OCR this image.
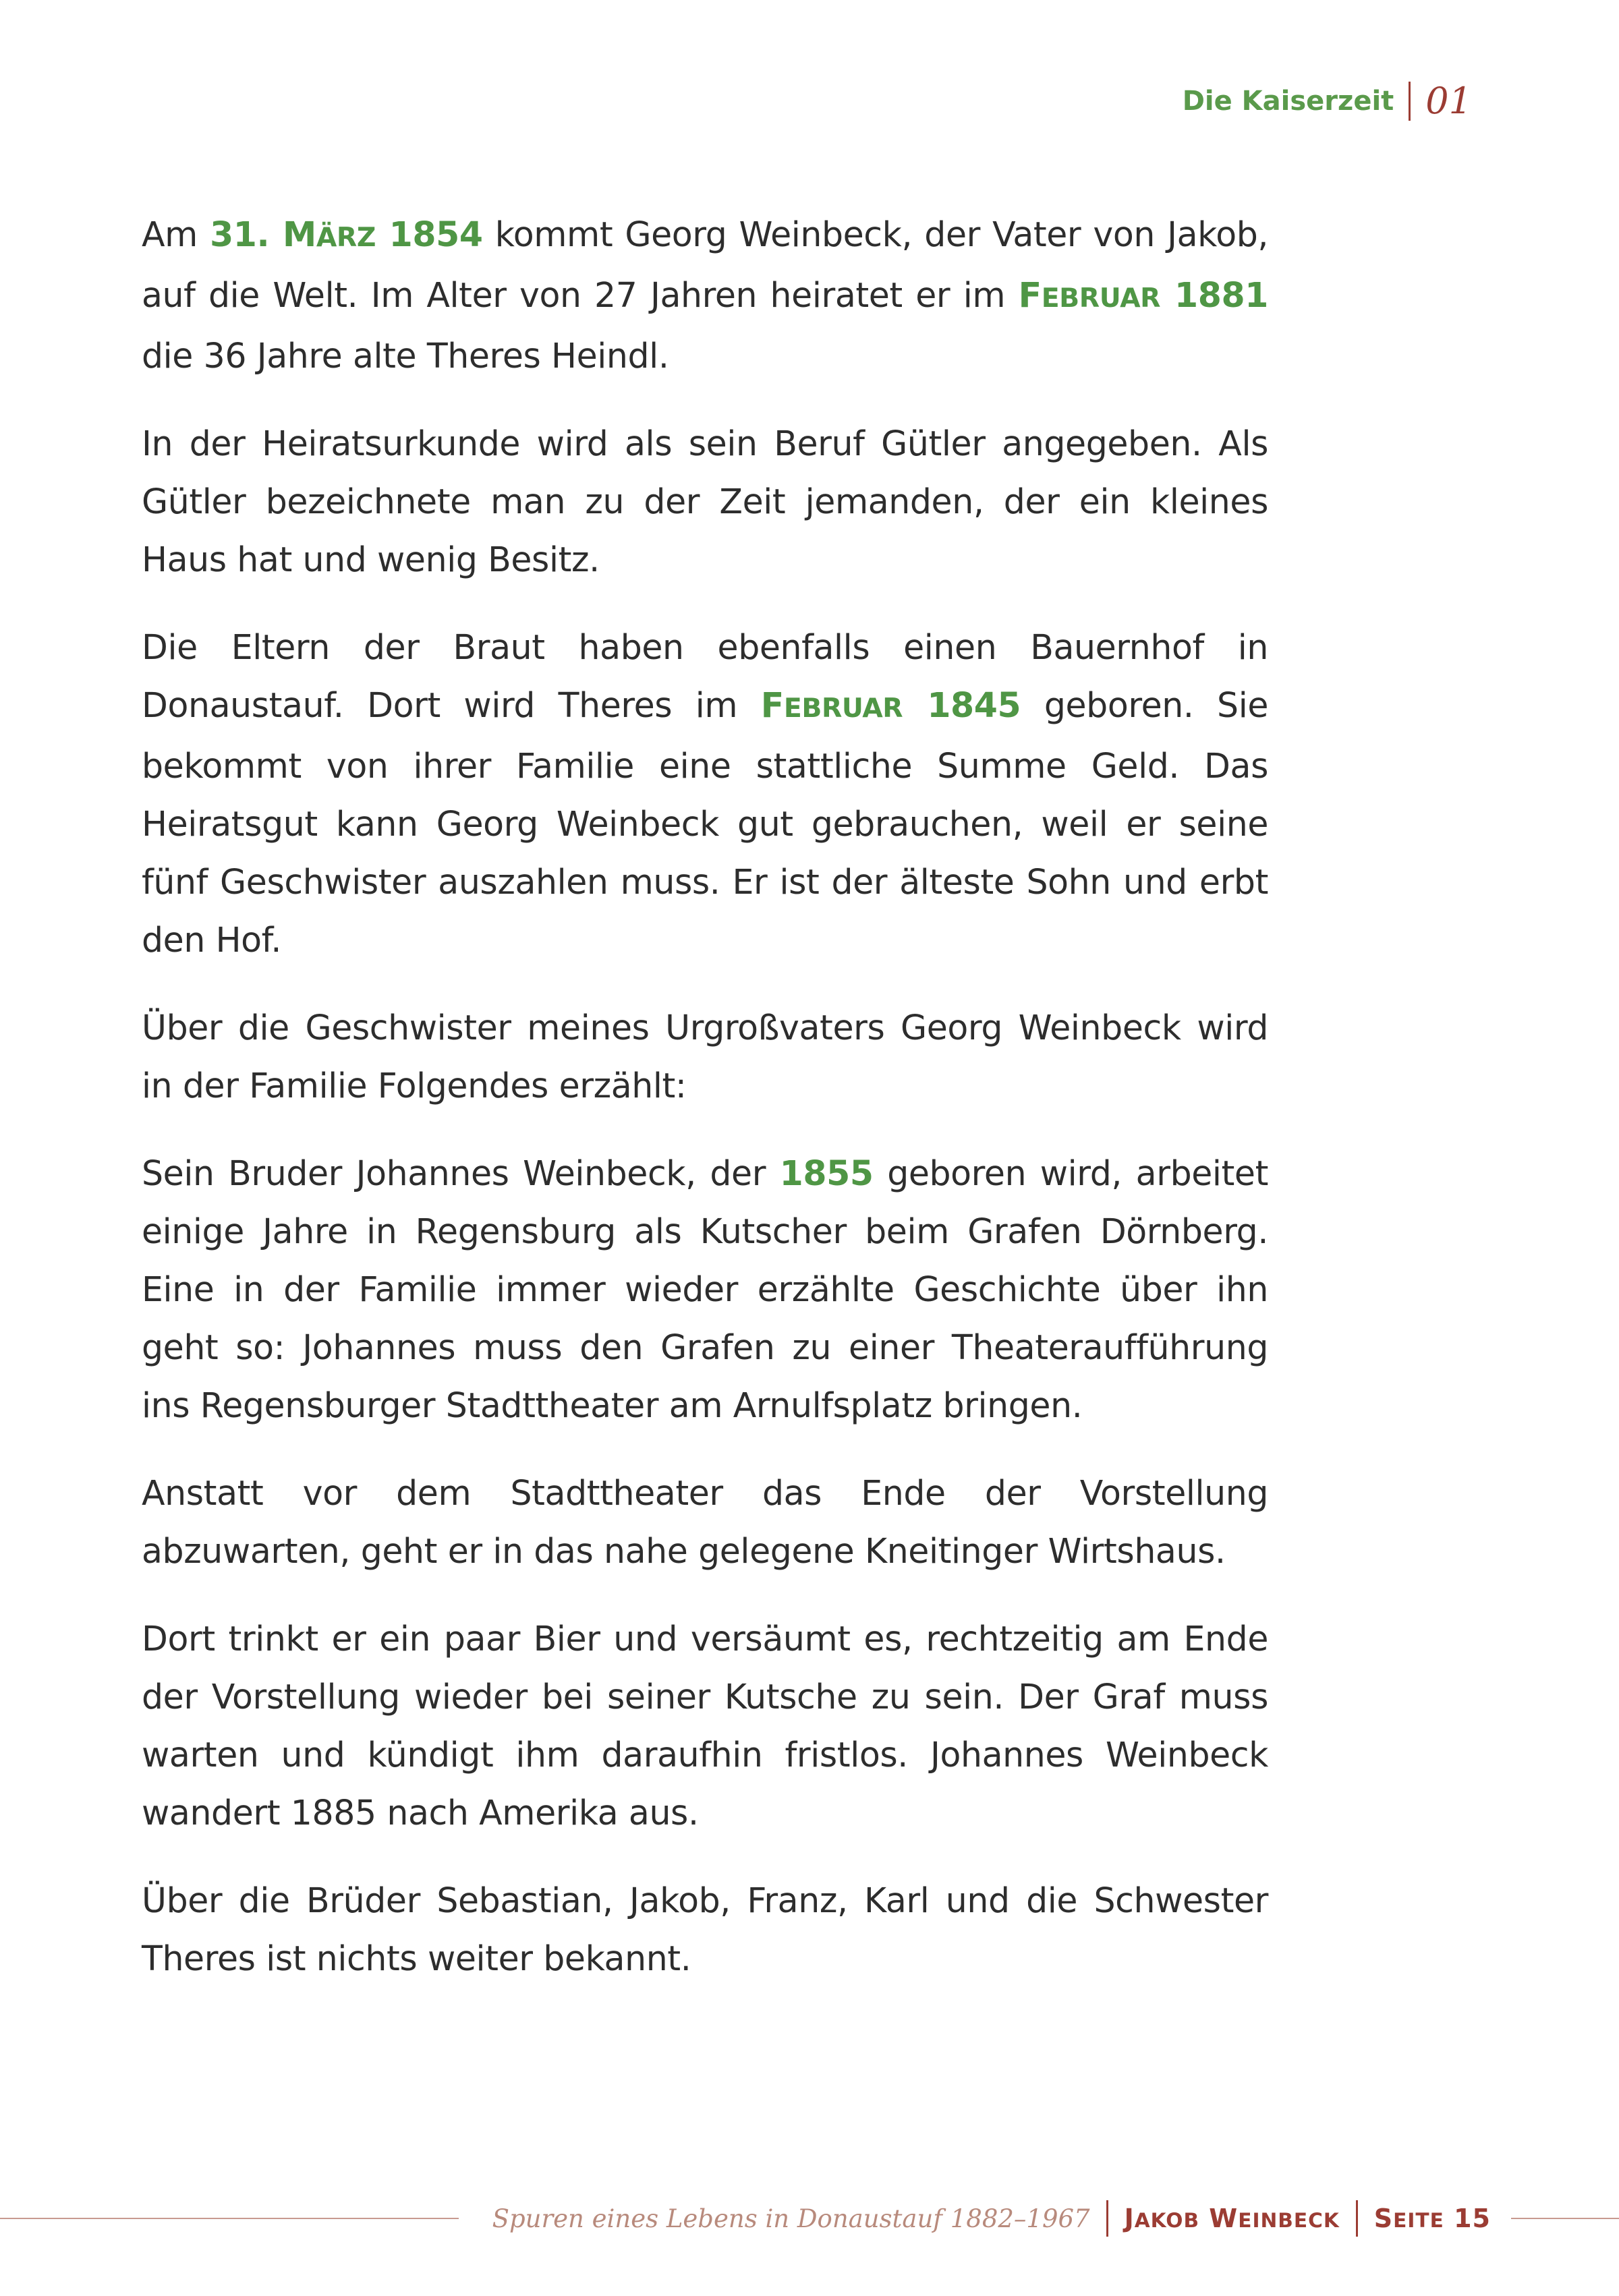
Die Kaiserzeit 01

Am 31. MÄRZ 1854 kommt Georg Weinbeck, der Vater von Jakob, auf die Welt. Im Alter von 27 Jahren heiratet er im FEBRUAR 1881 die 36 Jahre alte Theres Heindl.

In der Heiratsurkunde wird als sein Beruf Gütler angegeben. Als Gütler bezeichnete man zu der Zeit jemanden, der ein kleines Haus hat und wenig Besitz.

Die Eltern der Braut haben ebenfalls einen Bauernhof in Donaustauf. Dort wird Theres im FEBRUAR 1845 geboren. Sie bekommt von ihrer Familie eine stattliche Summe Geld. Das Heiratsgut kann Georg Weinbeck gut gebrauchen, weil er seine fünf Geschwister auszahlen muss. Er ist der älteste Sohn und erbt den Hof.

Über die Geschwister meines Urgroßvaters Georg Weinbeck wird in der Familie Folgendes erzählt:

Sein Bruder Johannes Weinbeck, der 1855 geboren wird, arbeitet einige Jahre in Regensburg als Kutscher beim Grafen Dörnberg. Eine in der Familie immer wieder erzählte Geschichte über ihn geht so: Johannes muss den Grafen zu einer Theateraufführung ins Regensburger Stadttheater am Arnulfsplatz bringen.

Anstatt vor dem Stadttheater das Ende der Vorstellung abzuwarten, geht er in das nahe gelegene Kneitinger Wirtshaus.

Dort trinkt er ein paar Bier und versäumt es, rechtzeitig am Ende der Vorstellung wieder bei seiner Kutsche zu sein. Der Graf muss warten und kündigt ihm daraufhin fristlos. Johannes Weinbeck wandert 1885 nach Amerika aus.

Über die Brüder Sebastian, Jakob, Franz, Karl und die Schwester Theres ist nichts weiter bekannt.

Spuren eines Lebens in Donaustauf 1882–1967 JAKOB WEINBECK SEITE 15
